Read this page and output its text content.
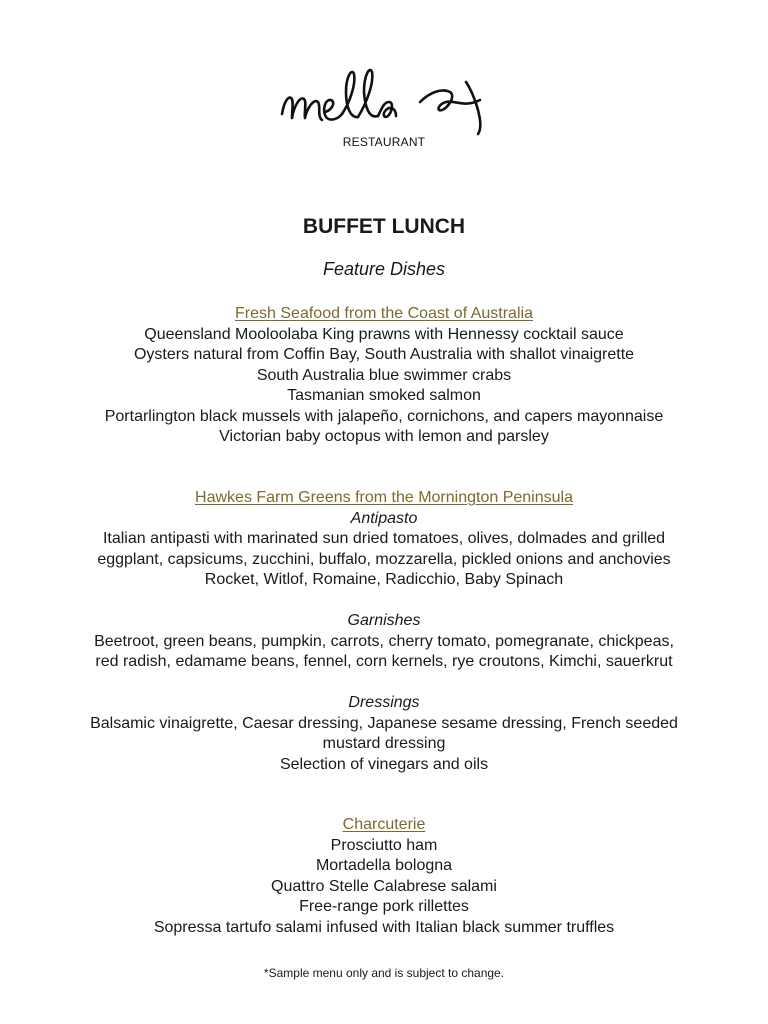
RESTAURANT
BUFFET LUNCH
Feature Dishes
Fresh Seafood from the Coast of Australia
Queensland Mooloolaba King prawns with Hennessy cocktail sauce
Oysters natural from Coffin Bay, South Australia with shallot vinaigrette
South Australia blue swimmer crabs
Tasmanian smoked salmon
Portarlington black mussels with jalapeño, cornichons, and capers mayonnaise
Victorian baby octopus with lemon and parsley
Hawkes Farm Greens from the Mornington Peninsula
Antipasto
Italian antipasti with marinated sun dried tomatoes, olives, dolmades and grilled
eggplant, capsicums, zucchini, buffalo, mozzarella, pickled onions and anchovies
Rocket, Witlof, Romaine, Radicchio, Baby Spinach
Garnishes
Beetroot, green beans, pumpkin, carrots, cherry tomato, pomegranate, chickpeas,
red radish, edamame beans, fennel, corn kernels, rye croutons, Kimchi, sauerkrut
Dressings
Balsamic vinaigrette, Caesar dressing, Japanese sesame dressing, French seeded
mustard dressing
Selection of vinegars and oils
Charcuterie
Prosciutto ham
Mortadella bologna
Quattro Stelle Calabrese salami
Free-range pork rillettes
Sopressa tartufo salami infused with Italian black summer truffles
*Sample menu only and is subject to change.
